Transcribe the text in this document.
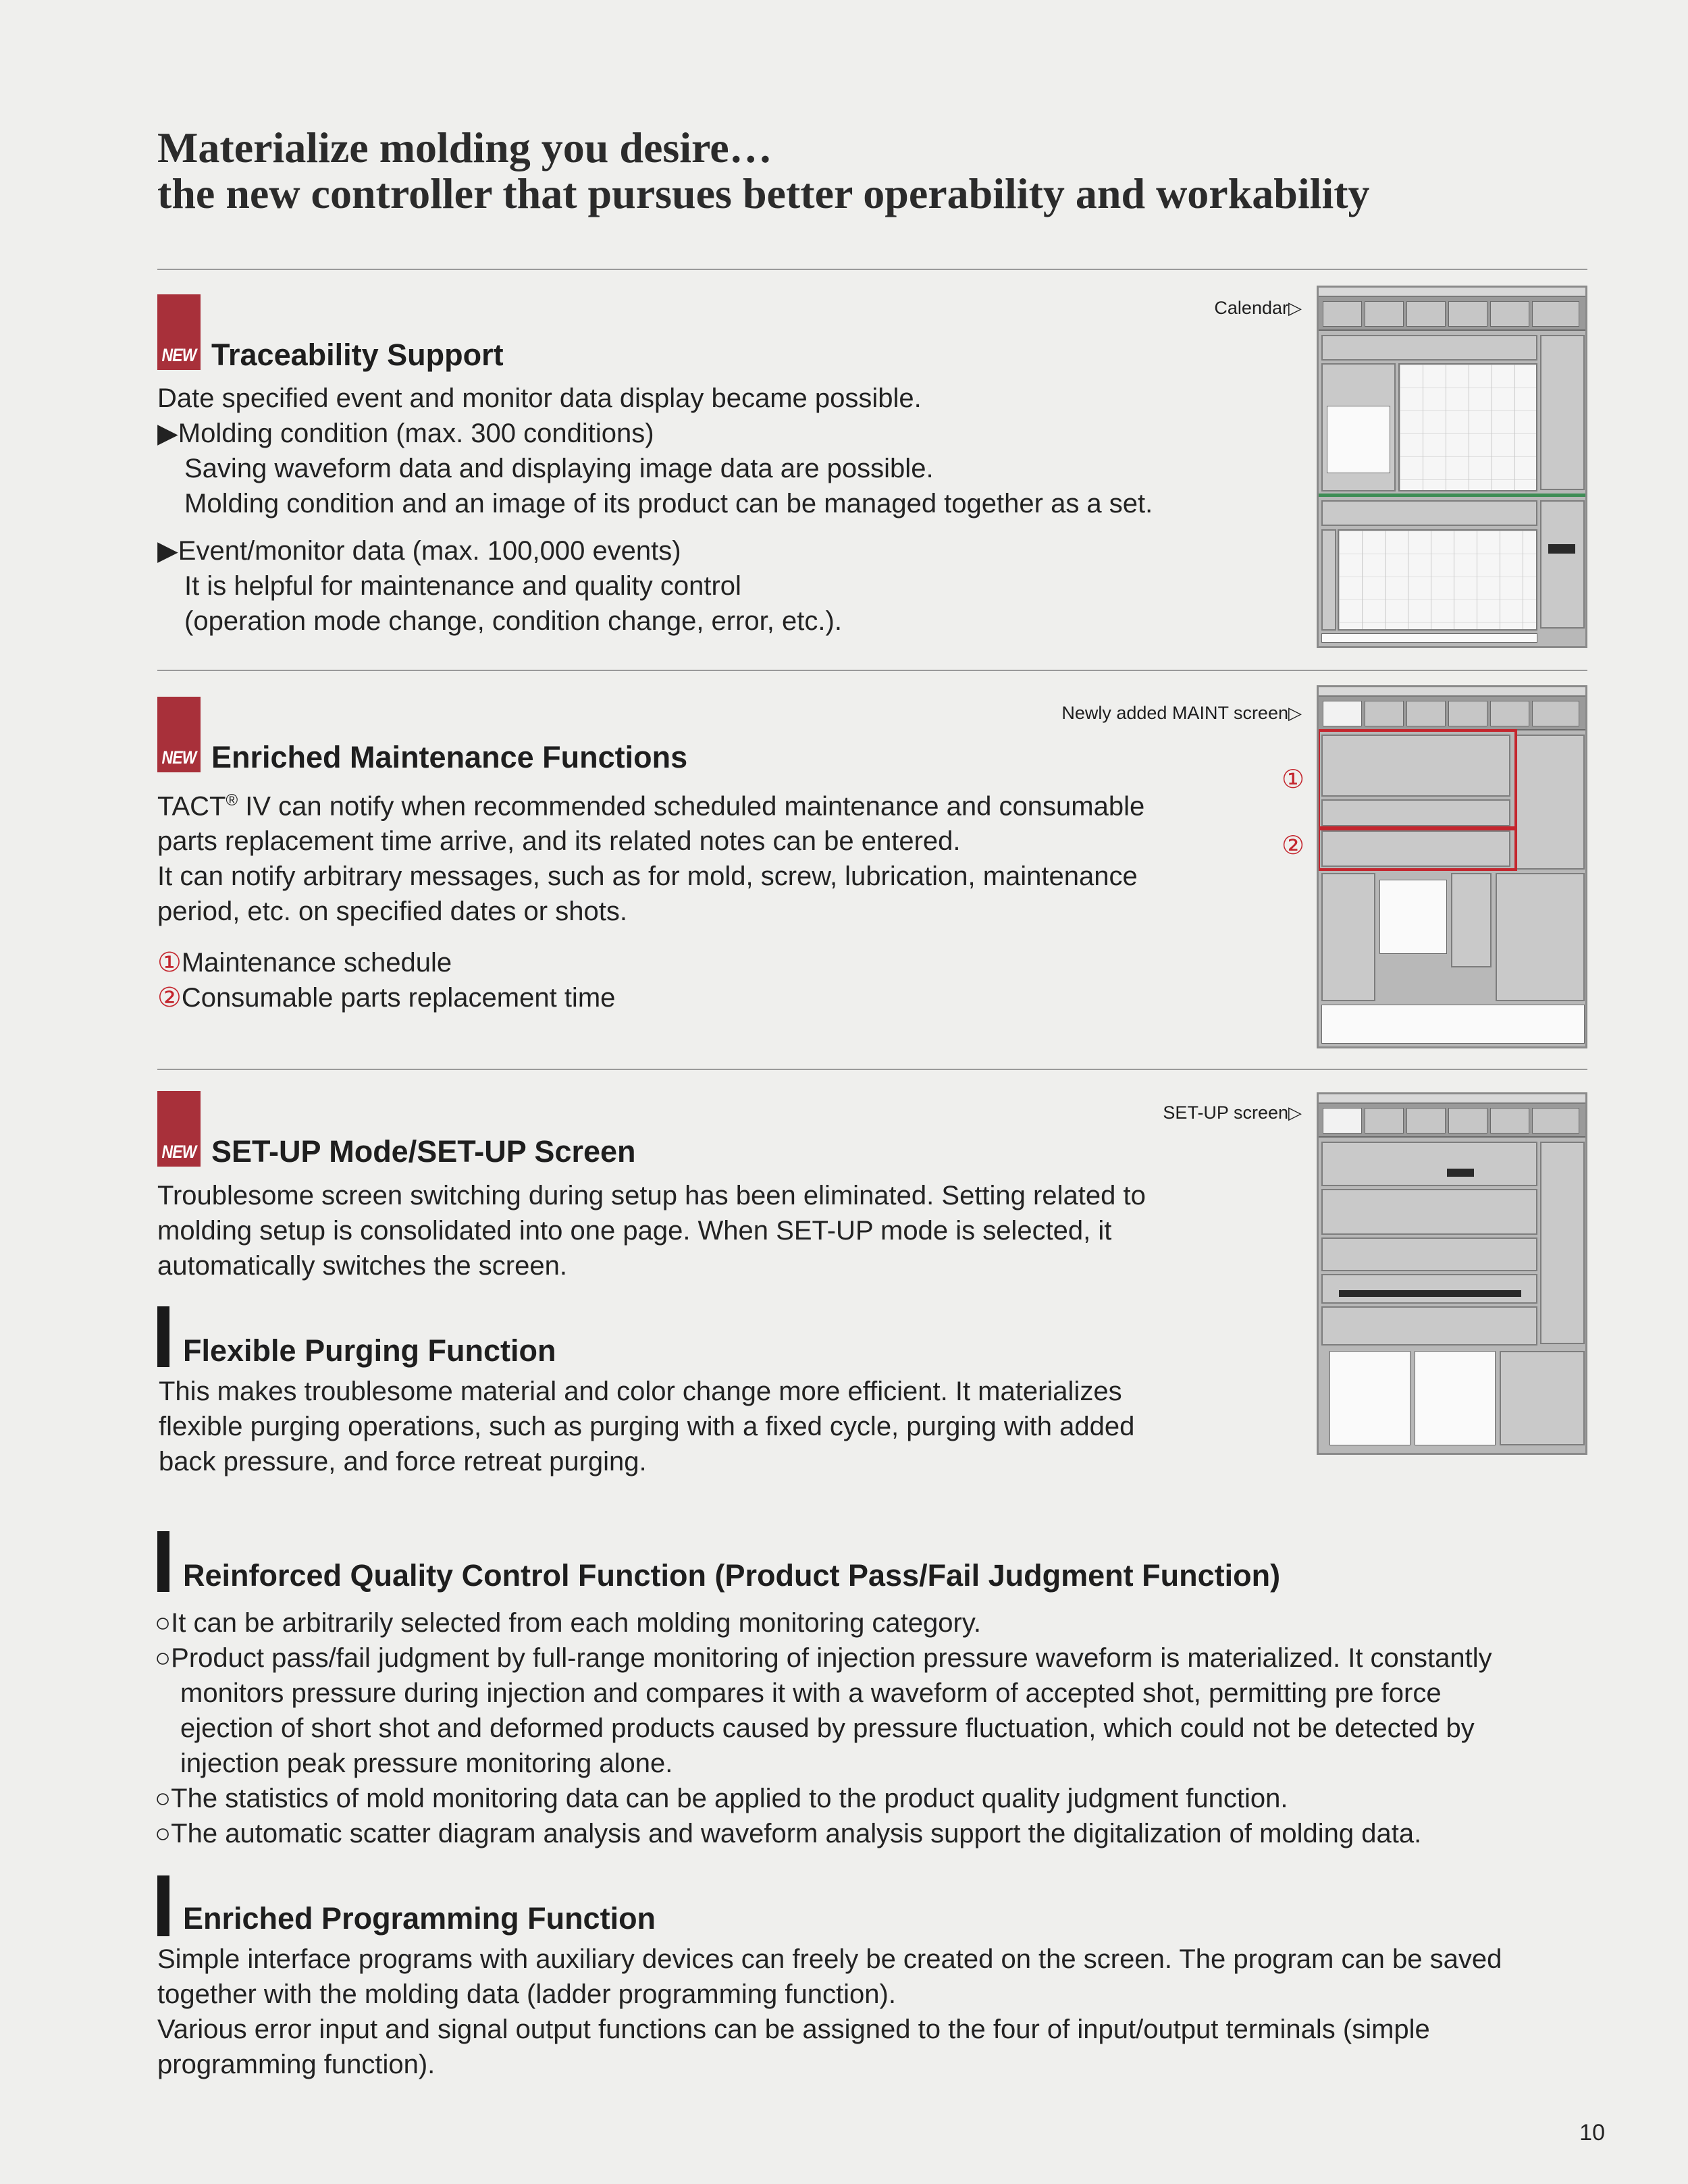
Materialize molding you desire…
the new controller that pursues better operability and workability
NEW Traceability Support
Calendar▷

Date specified event and monitor data display became possible.

▶Molding condition (max. 300 conditions)

Saving waveform data and displaying image data are possible.

Molding condition and an image of its product can be managed together as a set.

▶Event/monitor data (max. 100,000 events)

It is helpful for maintenance and quality control

(operation mode change, condition change, error, etc.).

NEW Enriched Maintenance Functions
Newly added MAINT screen▷

TACT® IV can notify when recommended scheduled maintenance and consumable

parts replacement time arrive, and its related notes can be entered.

It can notify arbitrary messages, such as for mold, screw, lubrication, maintenance

period, etc. on specified dates or shots.

①Maintenance schedule

②Consumable parts replacement time

①
②
NEW SET-UP Mode/SET-UP Screen
SET-UP screen▷

Troublesome screen switching during setup has been eliminated. Setting related to

molding setup is consolidated into one page. When SET-UP mode is selected, it

automatically switches the screen.

Flexible Purging Function

This makes troublesome material and color change more efficient. It materializes

flexible purging operations, such as purging with a fixed cycle, purging with added

back pressure, and force retreat purging.

Reinforced Quality Control Function (Product Pass/Fail Judgment Function)

○It can be arbitrarily selected from each molding monitoring category.

○Product pass/fail judgment by full-range monitoring of injection pressure waveform is materialized. It constantly

monitors pressure during injection and compares it with a waveform of accepted shot, permitting pre force

ejection of short shot and deformed products caused by pressure fluctuation, which could not be detected by

injection peak pressure monitoring alone.

○The statistics of mold monitoring data can be applied to the product quality judgment function.

○The automatic scatter diagram analysis and waveform analysis support the digitalization of molding data.

Enriched Programming Function

Simple interface programs with auxiliary devices can freely be created on the screen. The program can be saved

together with the molding data (ladder programming function).

Various error input and signal output functions can be assigned to the four of input/output terminals (simple

programming function).

10
